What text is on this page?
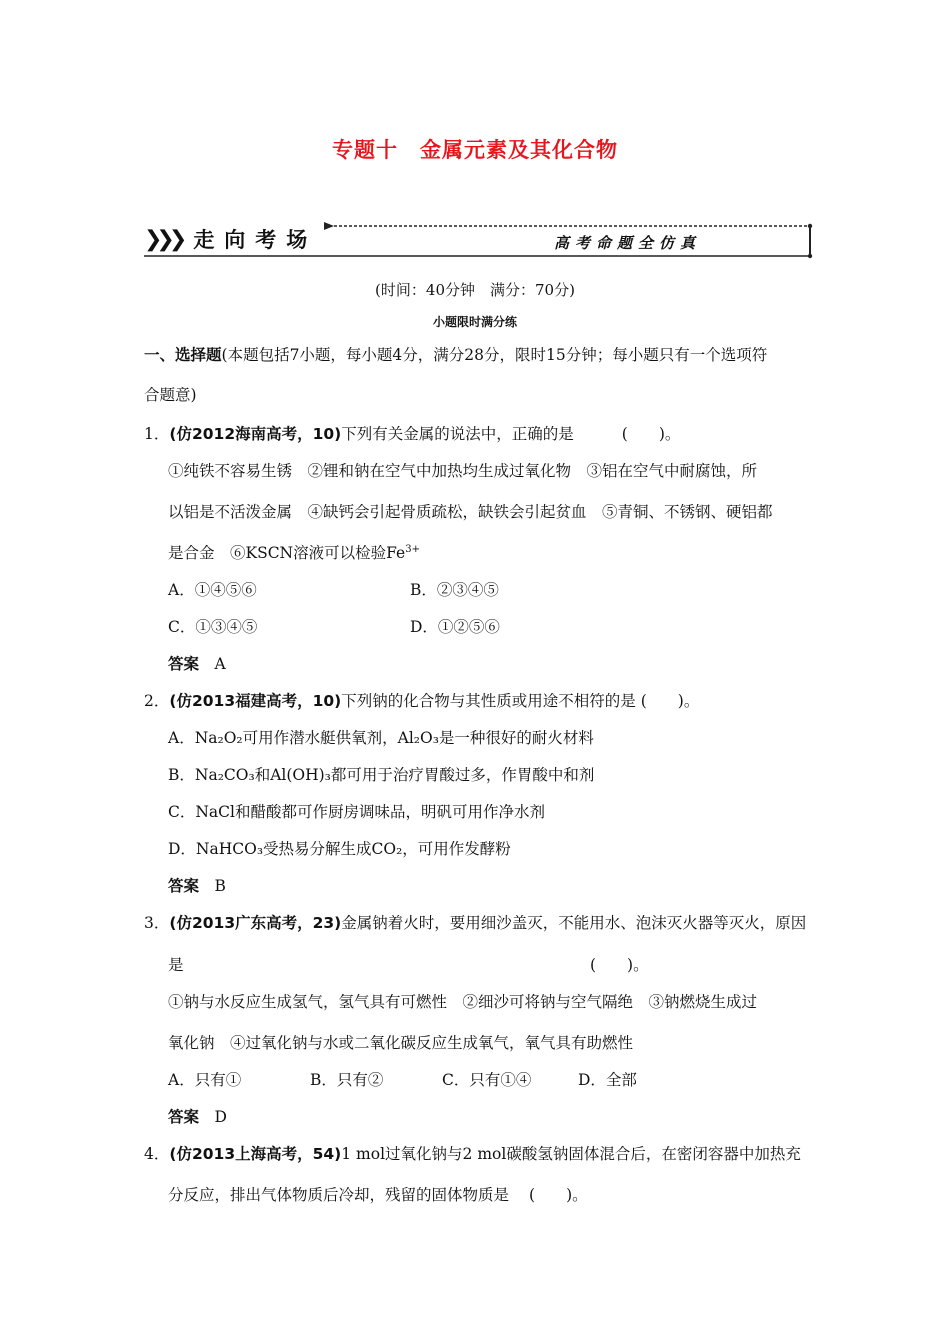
专题十　金属元素及其化合物
❯❯❯ 走向考场	高考命题全仿真
(时间：40分钟　满分：70分)
小题限时满分练
一、选择题(本题包括7小题，每小题4分，满分28分，限时15分钟；每小题只有一个选项符
合题意)
1．(仿2012海南高考，10)下列有关金属的说法中，正确的是	(　　)。
①纯铁不容易生锈　②锂和钠在空气中加热均生成过氧化物　③铝在空气中耐腐蚀，所
以铝是不活泼金属　④缺钙会引起骨质疏松，缺铁会引起贫血　⑤青铜、不锈钢、硬铝都
是合金　⑥KSCN溶液可以检验$Fe^{3+}$
A．①④⑤⑥	B．②③④⑤
C．①③④⑤	D．①②⑤⑥
答案　 A
2．(仿2013福建高考，10)下列钠的化合物与其性质或用途不相符的是 (　　)。
A．Na₂O₂可用作潜水艇供氧剂，Al₂O₃是一种很好的耐火材料
B．Na₂CO₃和Al(OH)₃都可用于治疗胃酸过多，作胃酸中和剂
C．NaCl和醋酸都可作厨房调味品，明矾可用作净水剂
D．NaHCO₃受热易分解生成CO₂，可用作发酵粉
答案　 B
3．(仿2013广东高考，23)金属钠着火时，要用细沙盖灭，不能用水、泡沫灭火器等灭火，原因
是	(　　)。
①钠与水反应生成氢气，氢气具有可燃性　②细沙可将钠与空气隔绝　③钠燃烧生成过
氧化钠　④过氧化钠与水或二氧化碳反应生成氧气，氧气具有助燃性
A．只有①	B．只有②	C．只有①④	D．全部
答案　 D
4．(仿2013上海高考，54)1 mol过氧化钠与2 mol碳酸氢钠固体混合后，在密闭容器中加热充
分反应，排出气体物质后冷却，残留的固体物质是 (　　)。
